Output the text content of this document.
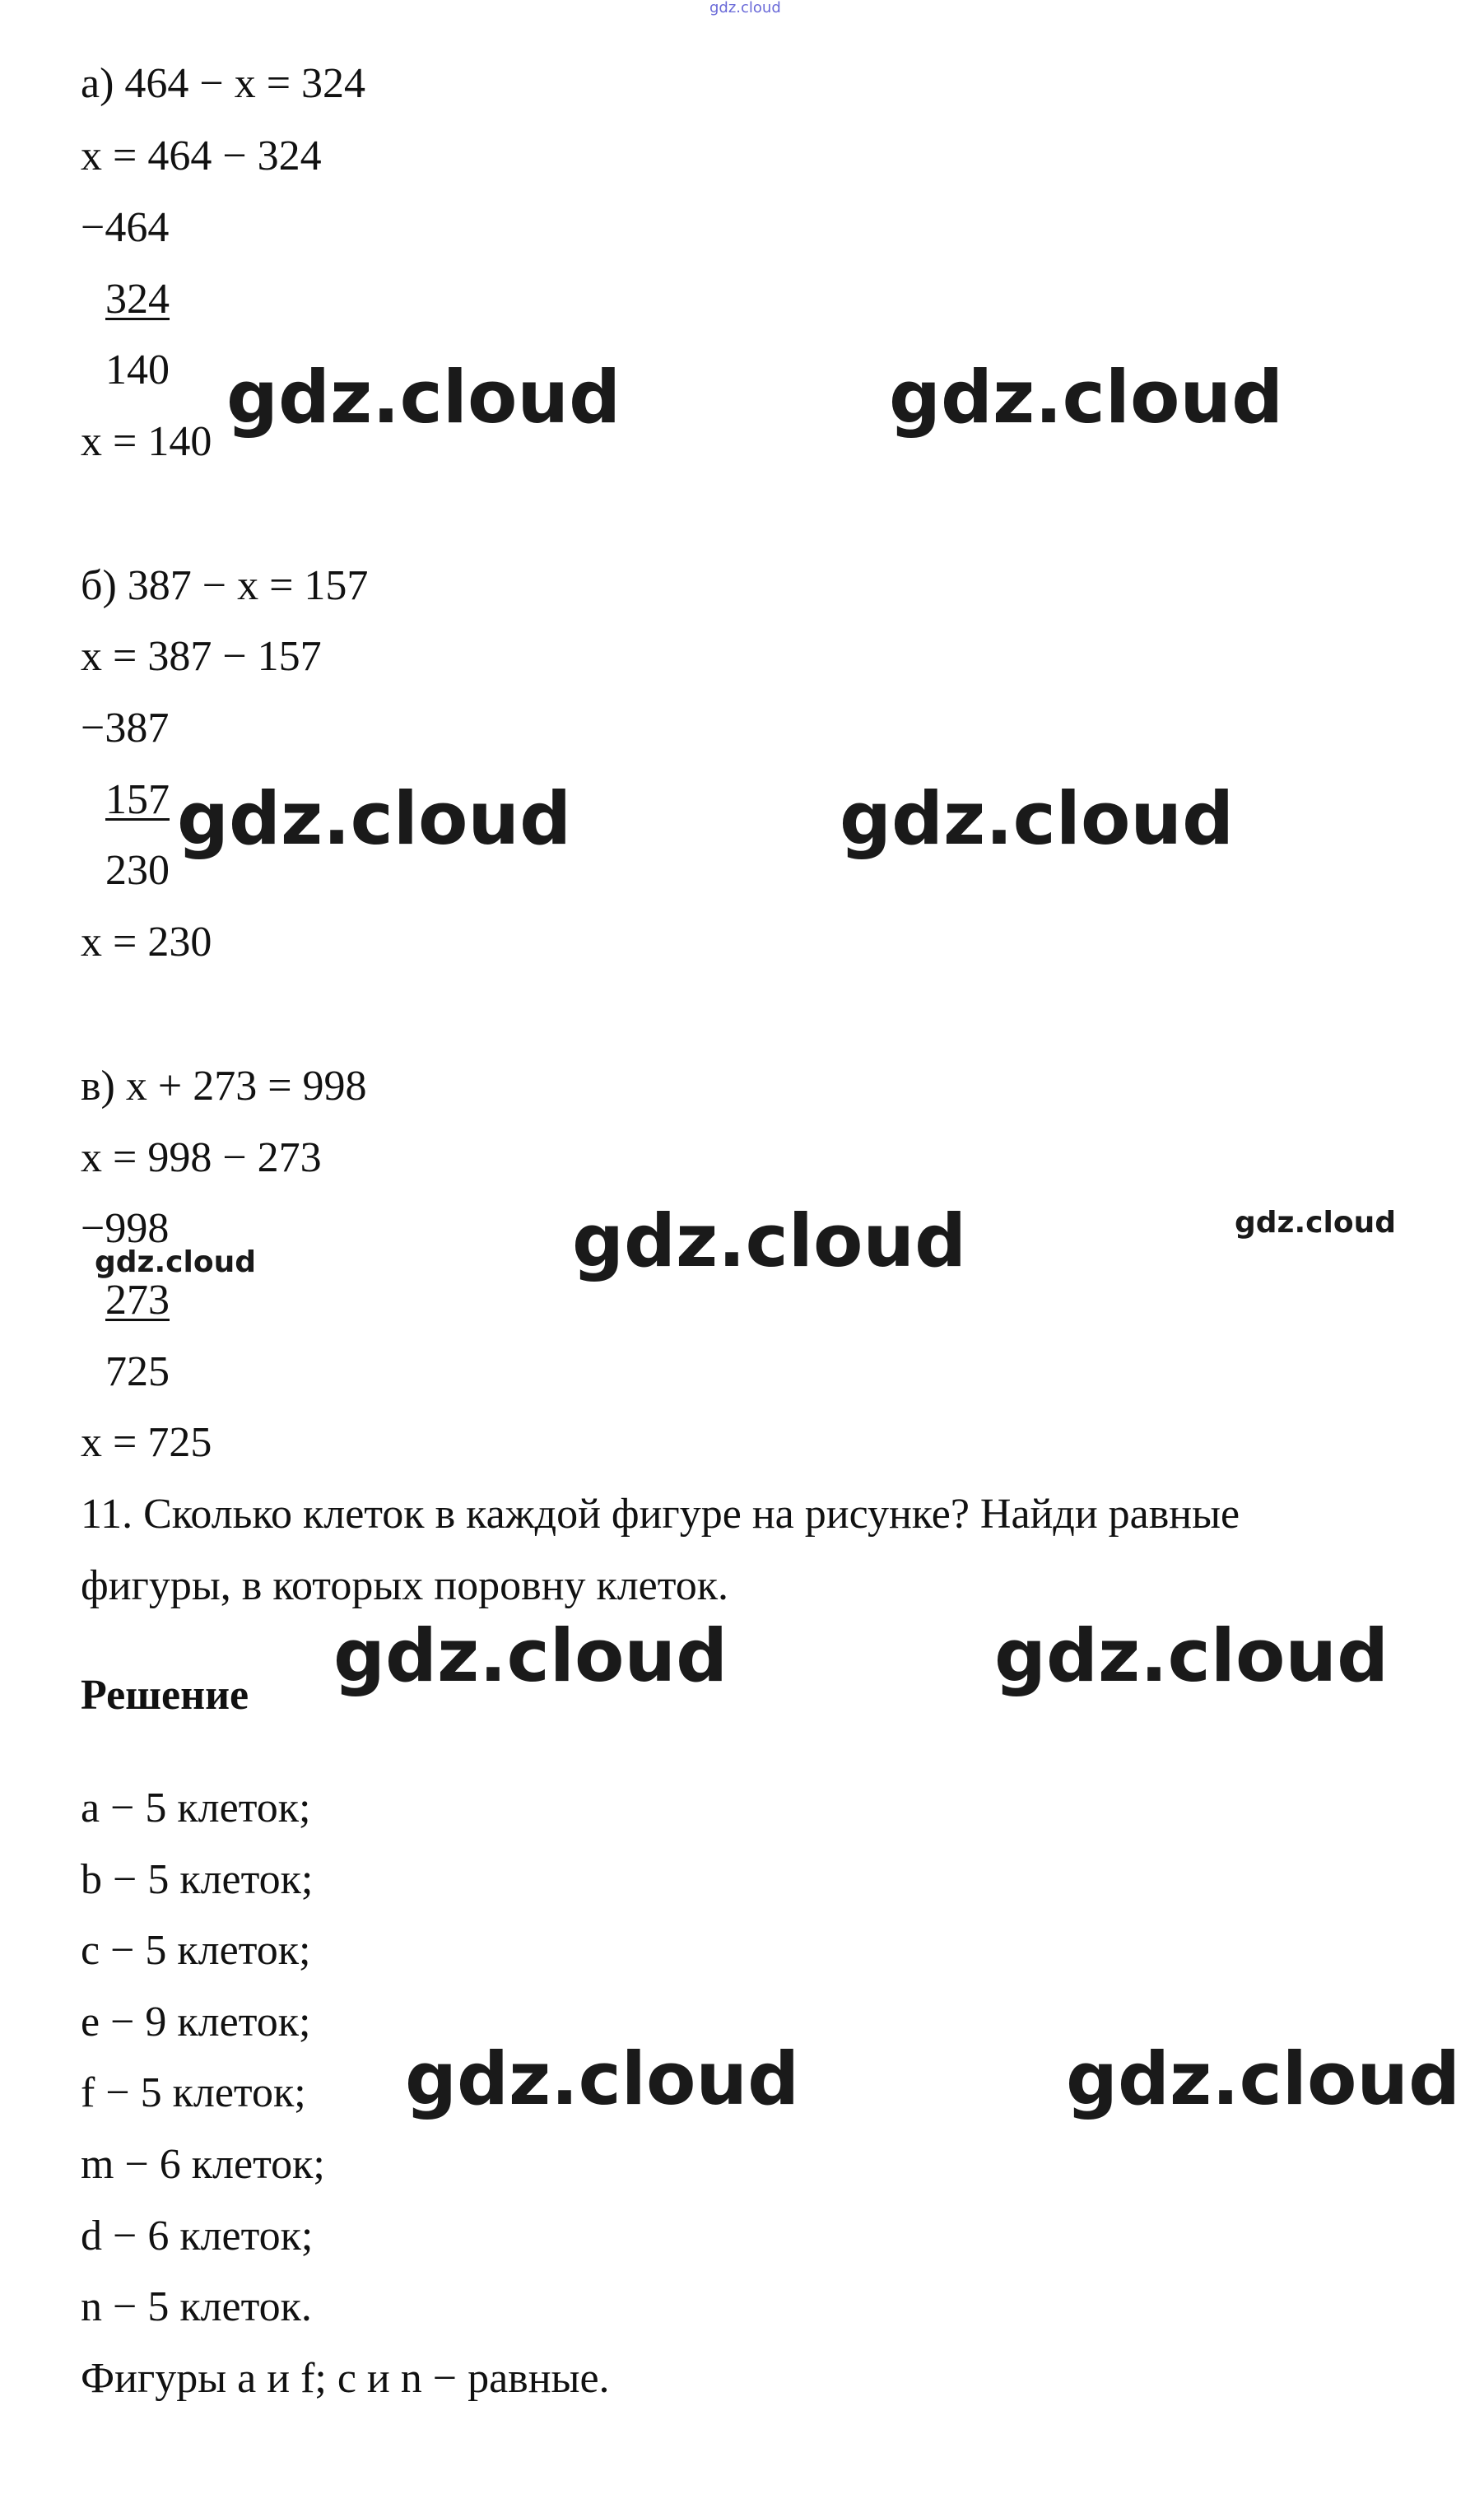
gdz.cloud
а) 464 − x = 324
x = 464 − 324
−464
324
140
x = 140
gdz.cloud	gdz.cloud
б) 387 − x = 157
x = 387 − 157
−387
157
230
x = 230
gdz.cloud	gdz.cloud
в) x + 273 = 998
x = 998 − 273
−998
273
725
x = 725
gdz.cloud	gdz.cloud	gdz.cloud
11. Сколько клеток в каждой фигуре на рисунке? Найди равные
фигуры, в которых поровну клеток.
Решение gdz.cloud	gdz.cloud
a − 5 клеток;
b − 5 клеток;
c − 5 клеток;
e − 9 клеток;
f − 5 клеток;
m − 6 клеток;
d − 6 клеток;
n − 5 клеток.
gdz.cloud	gdz.cloud
Фигуры a и f; c и n − равные.
